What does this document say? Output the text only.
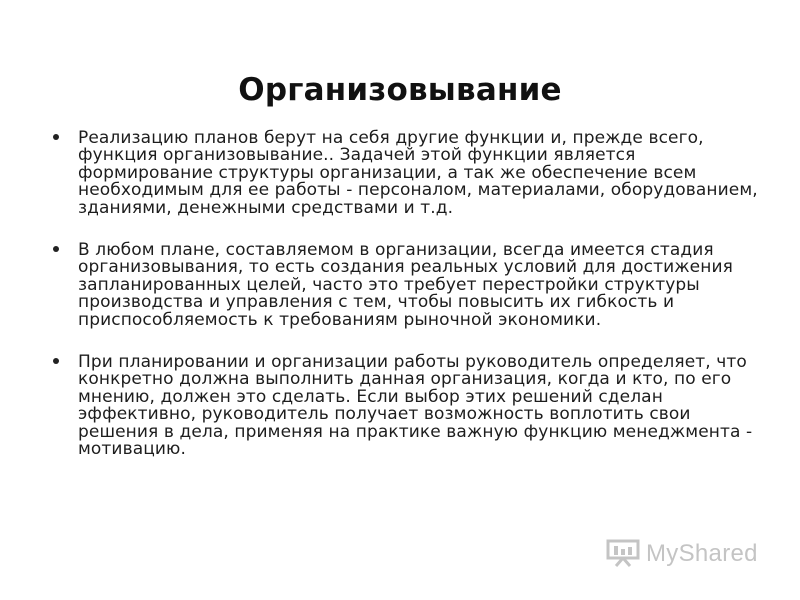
Организовывание
Реализацию планов берут на себя другие функции и, прежде всего, функция организовывание.. Задачей этой функции является формирование структуры организации, а так же обеспечение всем необходимым для ее работы - персоналом, материалами, оборудованием, зданиями, денежными средствами и т.д.
В любом плане, составляемом в организации, всегда имеется стадия организовывания, то есть создания реальных условий для достижения запланированных целей, часто это требует перестройки структуры производства и управления с тем, чтобы повысить их гибкость и приспособляемость к требованиям рыночной экономики.
При планировании и организации работы руководитель определяет, что конкретно должна выполнить данная организация, когда и кто, по его мнению, должен это сделать. Если выбор этих решений сделан эффективно, руководитель получает возможность воплотить свои решения в дела, применяя на практике важную функцию менеджмента - мотивацию.
MyShared
